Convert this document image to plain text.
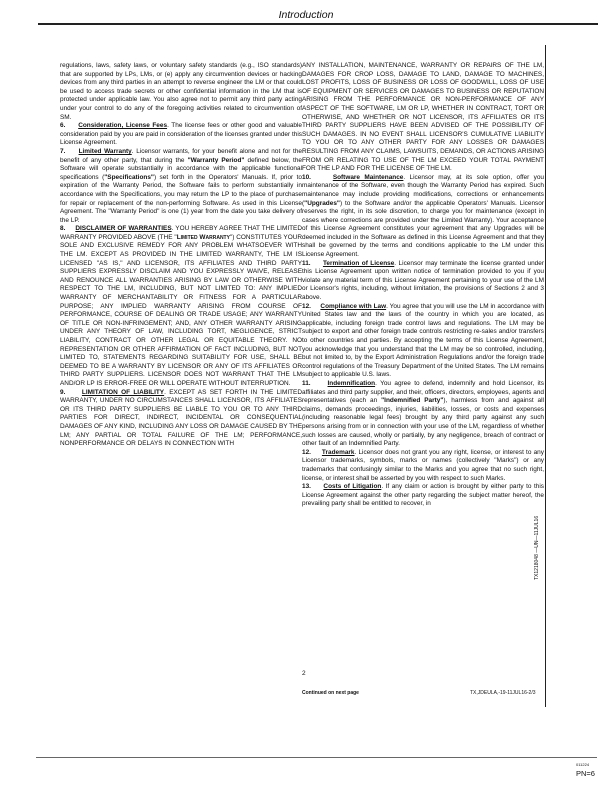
Introduction

regulations, laws, safety laws, or voluntary safety standards (e.g., ISO standards) that are supported by LPs, LMs, or (e) apply any circumvention devices or hacking devices from any third parties in an attempt to reverse engineer the LM or that could be used to access trade secrets or other confidential information in the LM that is protected under applicable law. You also agree not to permit any third party acting under your control to do any of the foregoing activities related to circumvention of SM.

6. Consideration, License Fees. The license fees or other good and valuable consideration paid by you are paid in consideration of the licenses granted under this License Agreement.

7. Limited Warranty. Licensor warrants, for your benefit alone and not for the benefit of any other party, that during the "Warranty Period" defined below, the Software will operate substantially in accordance with the applicable functional specifications ("Specifications") set forth in the Operators' Manuals. If, prior to expiration of the Warranty Period, the Software fails to perform substantially in accordance with the Specifications, you may return the LP to the place of purchase for repair or replacement of the non-performing Software. As used in this License Agreement. The "Warranty Period" is one (1) year from the date you take delivery of the LP.

8. DISCLAIMER OF WARRANTIES. YOU HEREBY AGREE THAT THE LIMITED WARRANTY PROVIDED ABOVE (THE "Limited Warranty") CONSTITUTES YOUR SOLE AND EXCLUSIVE REMEDY FOR ANY PROBLEM WHATSOEVER WITH THE LM. EXCEPT AS PROVIDED IN THE LIMITED WARRANTY, THE LM IS LICENSED "AS IS," AND LICENSOR, ITS AFFILIATES AND THIRD PARTY SUPPLIERS EXPRESSLY DISCLAIM AND YOU EXPRESSLY WAIVE, RELEASE AND RENOUNCE ALL WARRANTIES ARISING BY LAW OR OTHERWISE WITH RESPECT TO THE LM, INCLUDING, BUT NOT LIMITED TO: ANY IMPLIED WARRANTY OF MERCHANTABILITY OR FITNESS FOR A PARTICULAR PURPOSE; ANY IMPLIED WARRANTY ARISING FROM COURSE OF PERFORMANCE, COURSE OF DEALING OR TRADE USAGE; ANY WARRANTY OF TITLE OR NON-INFRINGEMENT; AND, ANY OTHER WARRANTY ARISING UNDER ANY THEORY OF LAW, INCLUDING TORT, NEGLIGENCE, STRICT LIABILITY, CONTRACT OR OTHER LEGAL OR EQUITABLE THEORY. NO REPRESENTATION OR OTHER AFFIRMATION OF FACT INCLUDING, BUT NOT LIMITED TO, STATEMENTS REGARDING SUITABILITY FOR USE, SHALL BE DEEMED TO BE A WARRANTY BY LICENSOR OR ANY OF ITS AFFILIATES OR THIRD PARTY SUPPLIERS. LICENSOR DOES NOT WARRANT THAT THE LM AND/OR LP IS ERROR-FREE OR WILL OPERATE WITHOUT INTERRUPTION.

9.	LIMITATION OF LIABILITY. EXCEPT AS SET FORTH IN THE LIMITED WARRANTY, UNDER NO CIRCUMSTANCES SHALL LICENSOR, ITS AFFILIATES OR ITS THIRD PARTY SUPPLIERS BE LIABLE TO YOU OR TO ANY THIRD PARTIES FOR DIRECT, INDIRECT, INCIDENTAL OR CONSEQUENTIAL DAMAGES OF ANY KIND, INCLUDING ANY LOSS OR DAMAGE CAUSED BY THE LM; ANY PARTIAL OR TOTAL FAILURE OF THE LM; PERFORMANCE, NONPERFORMANCE OR DELAYS IN CONNECTION WITH

ANY INSTALLATION, MAINTENANCE, WARRANTY OR REPAIRS OF THE LM, DAMAGES FOR CROP LOSS, DAMAGE TO LAND, DAMAGE TO MACHINES, LOST PROFITS, LOSS OF BUSINESS OR LOSS OF GOODWILL, LOSS OF USE OF EQUIPMENT OR SERVICES OR DAMAGES TO BUSINESS OR REPUTATION ARISING FROM THE PERFORMANCE OR NON-PERFORMANCE OF ANY ASPECT OF THE SOFTWARE, LM OR LP, WHETHER IN CONTRACT, TORT OR OTHERWISE, AND WHETHER OR NOT LICENSOR, ITS AFFILIATES OR ITS THIRD PARTY SUPPLIERS HAVE BEEN ADVISED OF THE POSSIBILITY OF SUCH DAMAGES. IN NO EVENT SHALL LICENSOR'S CUMULATIVE LIABILITY TO YOU OR TO ANY OTHER PARTY FOR ANY LOSSES OR DAMAGES RESULTING FROM ANY CLAIMS, LAWSUITS, DEMANDS, OR ACTIONS ARISING FROM OR RELATING TO USE OF THE LM EXCEED YOUR TOTAL PAYMENT FOR THE LP AND FOR THE LICENSE OF THE LM.

10.	Software Maintenance. Licensor may, at its sole option, offer you maintenance of the Software, even though the Warranty Period has expired. Such maintenance may include providing modifications, corrections or enhancements ("Upgrades") to the Software and/or the applicable Operators' Manuals. Licensor reserves the right, in its sole discretion, to charge you for maintenance (except in cases where corrections are provided under the Limited Warranty). Your acceptance of this License Agreement constitutes your agreement that any Upgrades will be deemed included in the Software as defined in this License Agreement and that they shall be governed by the terms and conditions applicable to the LM under this License Agreement.

11. Termination of License. Licensor may terminate the license granted under this License Agreement upon written notice of termination provided to you if you violate any material term of this License Agreement pertaining to your use of the LM or Licensor's rights, including, without limitation, the provisions of Sections 2 and 3 above.

12. Compliance with Law. You agree that you will use the LM in accordance with United States law and the laws of the country in which you are located, as applicable, including foreign trade control laws and regulations. The LM may be subject to export and other foreign trade controls restricting re-sales and/or transfers to other countries and parties. By accepting the terms of this License Agreement, you acknowledge that you understand that the LM may be so controlled, including, but not limited to, by the Export Administration Regulations and/or the foreign trade control regulations of the Treasury Department of the United States. The LM remains subject to applicable U.S. laws.

11.	Indemnification. You agree to defend, indemnify and hold Licensor, its affiliates and third party supplier, and their, officers, directors, employees, agents and representatives (each an "Indemnified Party"), harmless from and against all claims, demands proceedings, injuries, liabilities, losses, or costs and expenses (including reasonable legal fees) brought by any third party against any such persons arising from or in connection with your use of the LM, regardless of whether such losses are caused, wholly or partially, by any negligence, breach of contract or other fault of an Indemnified Party.

12. Trademark. Licensor does not grant you any right, license, or interest to any Licensor trademarks, symbols, marks or names (collectively "Marks") or any trademarks that confusingly similar to the Marks and you agree that no such right, license, or interest shall be asserted by you with respect to such Marks.

13. Costs of Litigation. If any claim or action is brought by either party to this License Agreement against the other party regarding the subject matter hereof, the prevailing party shall be entitled to recover, in

2
Continued on next page	TX,JDEULA,-19-11JUL16-2/3
TX1218048 —UN—11JUL16
011224
PN=6
